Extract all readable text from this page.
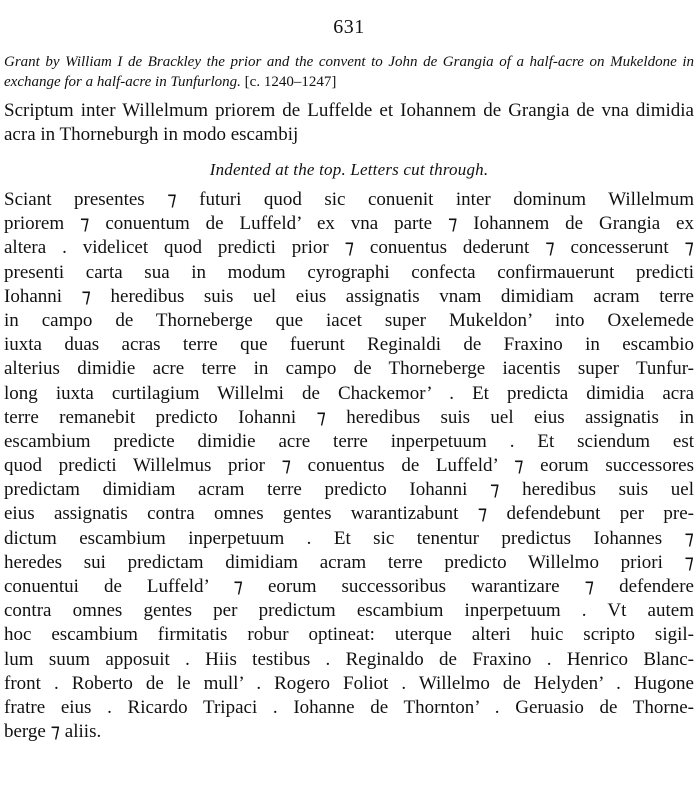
631
Grant by William I de Brackley the prior and the convent to John de Grangia of a half-acre on Mukeldone in exchange for a half-acre in Tunfurlong. [c. 1240–1247]
Scriptum inter Willelmum priorem de Luffelde et Iohannem de Grangia de vna dimidia acra in Thorneburgh in modo escambij
Indented at the top. Letters cut through.
Sciant presentes ⁊ futuri quod sic conuenit inter dominum Willelmum
priorem ⁊ conuentum de Luffeld’ ex vna parte ⁊ Iohannem de Grangia ex
altera . videlicet quod predicti prior ⁊ conuentus dederunt ⁊ concesserunt ⁊
presenti carta sua in modum cyrographi confecta confirmauerunt predicti
Iohanni ⁊ heredibus suis uel eius assignatis vnam dimidiam acram terre
in campo de Thorneberge que iacet super Mukeldon’ into Oxelemede
iuxta duas acras terre que fuerunt Reginaldi de Fraxino in escambio
alterius dimidie acre terre in campo de Thorneberge iacentis super Tunfur-
long iuxta curtilagium Willelmi de Chackemor’ . Et predicta dimidia acra
terre remanebit predicto Iohanni ⁊ heredibus suis uel eius assignatis in
escambium predicte dimidie acre terre inperpetuum . Et sciendum est
quod predicti Willelmus prior ⁊ conuentus de Luffeld’ ⁊ eorum successores
predictam dimidiam acram terre predicto Iohanni ⁊ heredibus suis uel
eius assignatis contra omnes gentes warantizabunt ⁊ defendebunt per pre-
dictum escambium inperpetuum . Et sic tenentur predictus Iohannes ⁊
heredes sui predictam dimidiam acram terre predicto Willelmo priori ⁊
conuentui de Luffeld’ ⁊ eorum successoribus warantizare ⁊ defendere
contra omnes gentes per predictum escambium inperpetuum . Vt autem
hoc escambium firmitatis robur optineat: uterque alteri huic scripto sigil-
lum suum apposuit . Hiis testibus . Reginaldo de Fraxino . Henrico Blanc-
front . Roberto de le mull’ . Rogero Foliot . Willelmo de Helyden’ . Hugone
fratre eius . Ricardo Tripaci . Iohanne de Thornton’ . Geruasio de Thorne-
berge ⁊ aliis.
